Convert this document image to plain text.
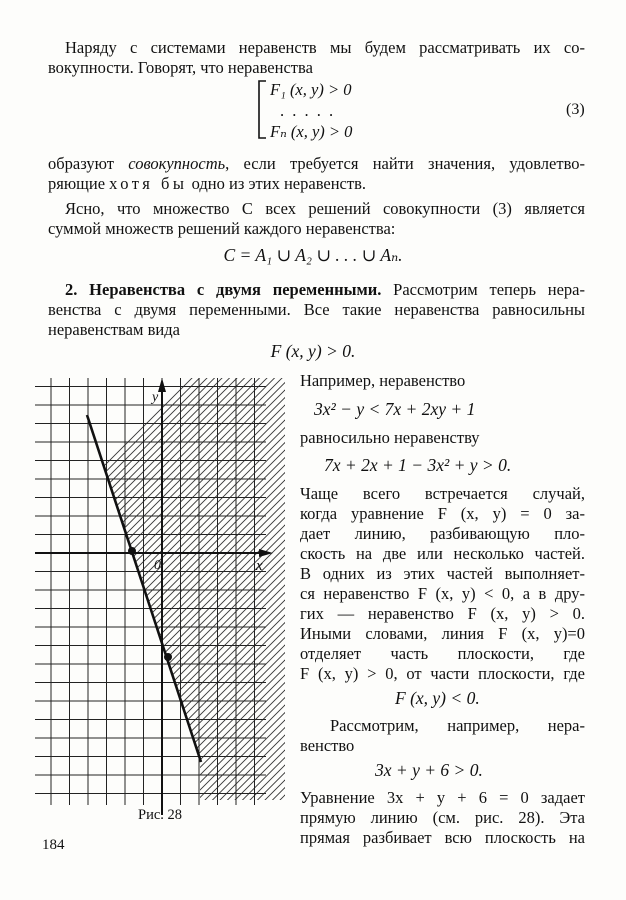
Наряду с системами неравенств мы будем рассматривать их со-
вокупности. Говорят, что неравенства
F₁ (x, y) > 0
. . . . .
Fₙ (x, y) > 0
(3)
образуют совокупность, если требуется найти значения, удовлетво-
ряющие хотя бы одно из этих неравенств.
Ясно, что множество C всех решений совокупности (3) является
суммой множеств решений каждого неравенства:
C = A₁ ∪ A₂ ∪ . . . ∪ Aₙ.
2. Неравенства с двумя переменными. Рассмотрим теперь нера-
венства с двумя переменными. Все такие неравенства равносильны
неравенствам вида
F (x, y) > 0.
y
x
0
Рис. 28
Например, неравенство
3x² − y < 7x + 2xy + 1
равносильно неравенству
7x + 2x + 1 − 3x² + y > 0.
Чаще всего встречается случай,
когда уравнение F (x, y) = 0 за-
дает линию, разбивающую пло-
скость на две или несколько частей.
В одних из этих частей выполняет-
ся неравенство F (x, y) < 0, а в дру-
гих — неравенство F (x, y) > 0.
Иными словами, линия F (x, y)=0
отделяет часть плоскости, где
F (x, y) > 0, от части плоскости, где
F (x, y) < 0.
Рассмотрим, например, нера-
венство
3x + y + 6 > 0.
Уравнение 3x + y + 6 = 0 задает
прямую линию (см. рис. 28). Эта
прямая разбивает всю плоскость на
184
